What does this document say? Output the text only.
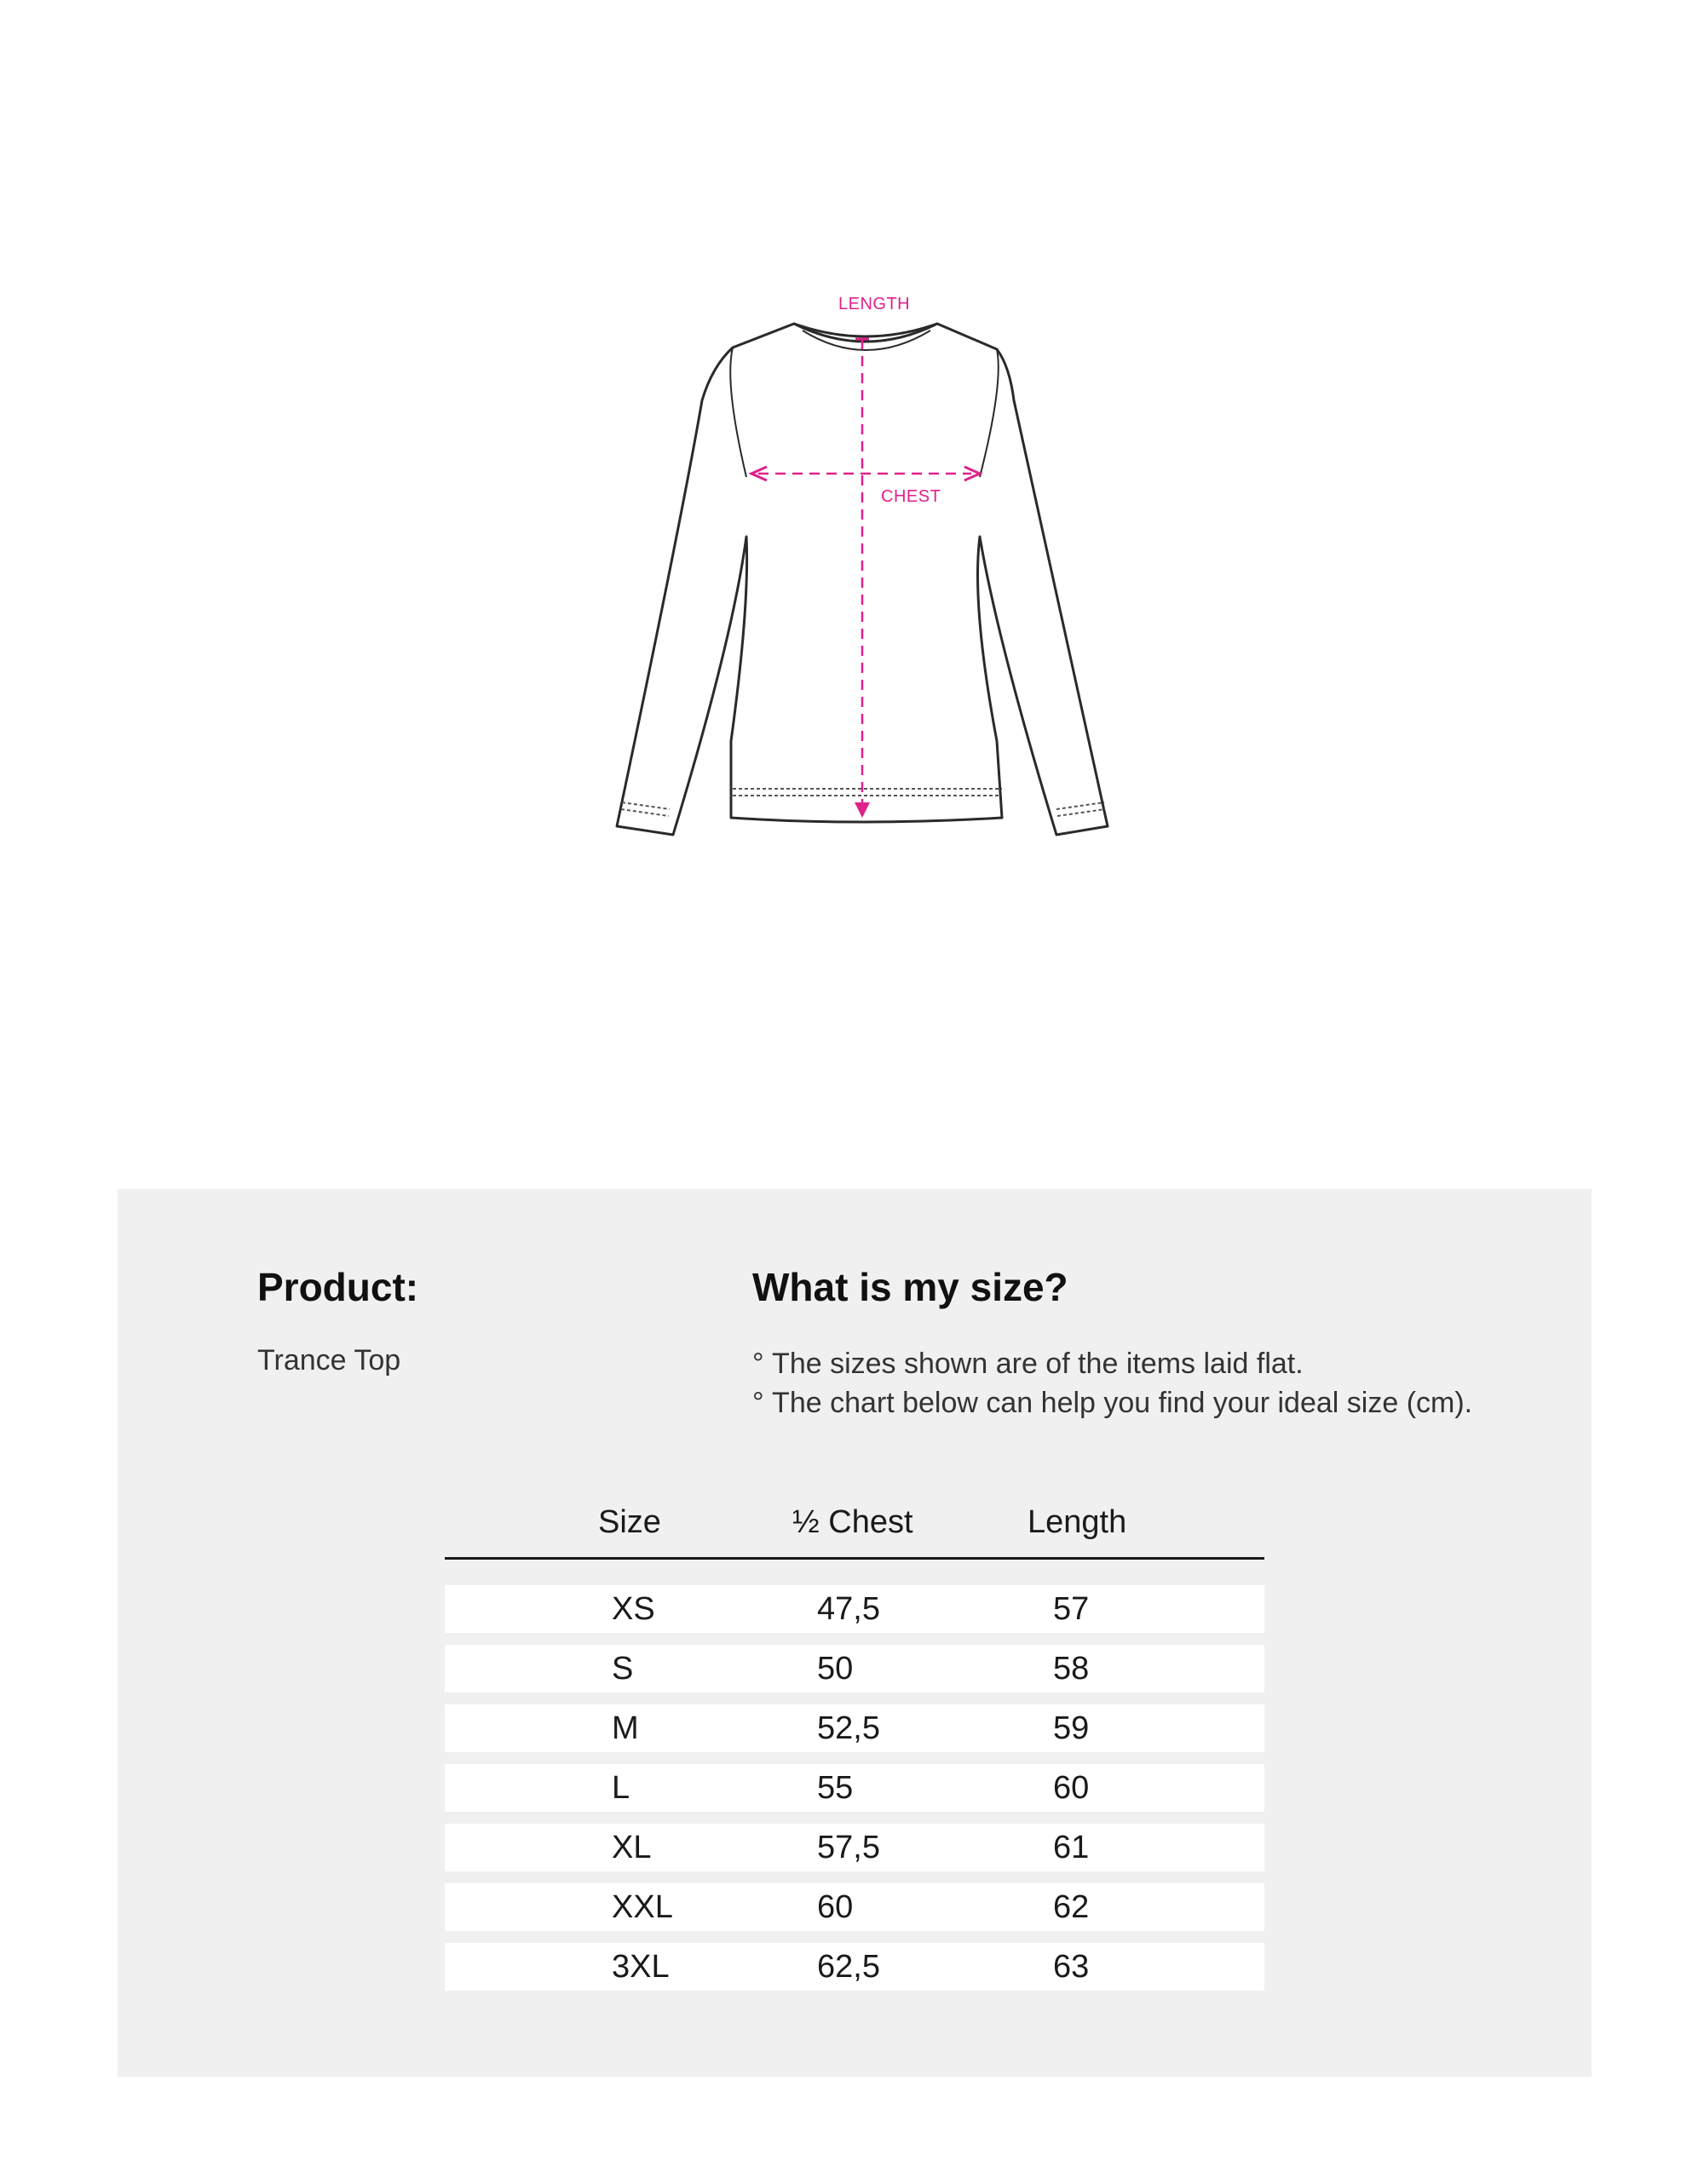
LENGTH
CHEST
Product:
Trance Top
What is my size?
° The sizes shown are of the items laid flat.
° The chart below can help you find your ideal size (cm).
Size	½ Chest	Length
XS	47,5	57
S	50	58
M	52,5	59
L	55	60
XL	57,5	61
XXL	60	62
3XL	62,5	63
